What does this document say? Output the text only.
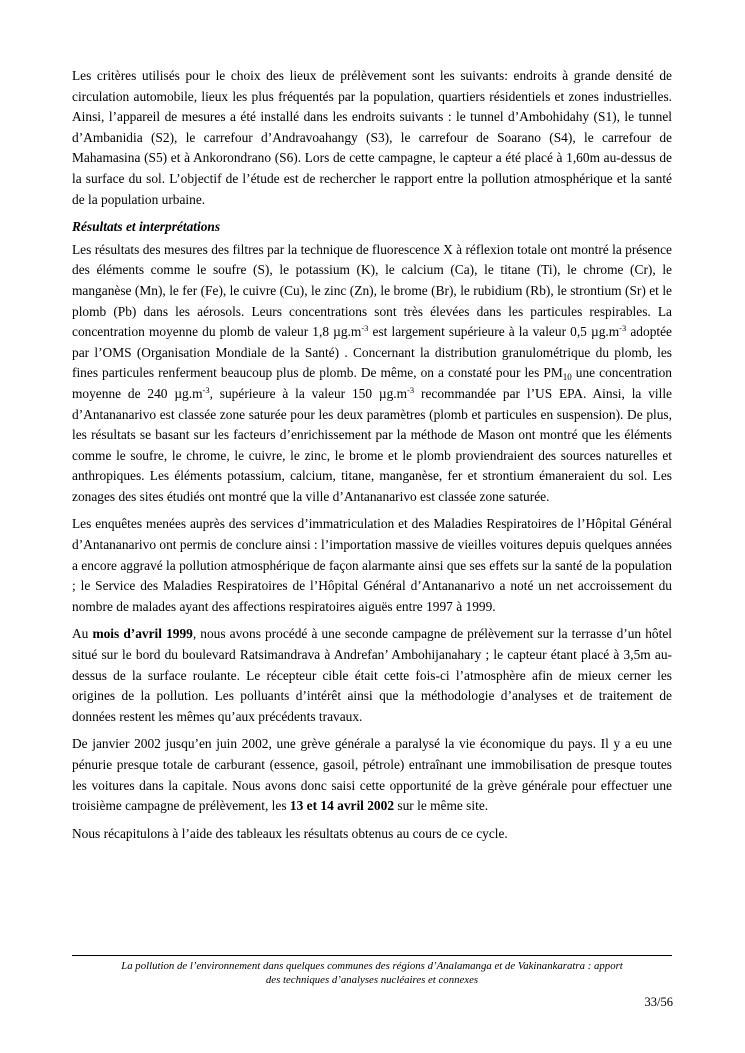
Les critères utilisés pour le choix des lieux de prélèvement sont les suivants: endroits à grande densité de circulation automobile, lieux les plus fréquentés par la population, quartiers résidentiels et zones industrielles. Ainsi, l’appareil de mesures a été installé dans les endroits suivants : le tunnel d’Ambohidahy (S1), le tunnel d’Ambanidia (S2), le carrefour d’Andravoahangy (S3), le carrefour de Soarano (S4), le carrefour de Mahamasina (S5) et à Ankorondrano (S6). Lors de cette campagne, le capteur a été placé à 1,60m au-dessus de la surface du sol. L’objectif de l’étude est de rechercher le rapport entre la pollution atmosphérique et la santé de la population urbaine.

Résultats et interprétations

Les résultats des mesures des filtres par la technique de fluorescence X à réflexion totale ont montré la présence des éléments comme le soufre (S), le potassium (K), le calcium (Ca), le titane (Ti), le chrome (Cr), le manganèse (Mn), le fer (Fe), le cuivre (Cu), le zinc (Zn), le brome (Br), le rubidium (Rb), le strontium (Sr) et le plomb (Pb) dans les aérosols. Leurs concentrations sont très élevées dans les particules respirables. La concentration moyenne du plomb de valeur 1,8 $\mu g.m^{-3}$ est largement supérieure à la valeur 0,5 $\mu g.m^{-3}$ adoptée par l’OMS (Organisation Mondiale de la Santé) . Concernant la distribution granulométrique du plomb, les fines particules renferment beaucoup plus de plomb. De même, on a constaté pour les $PM_{10}$ une concentration moyenne de 240 $\mu g.m^{-3}$, supérieure à la valeur 150 $\mu g.m^{-3}$ recommandée par l’US EPA. Ainsi, la ville d’Antananarivo est classée zone saturée pour les deux paramètres (plomb et particules en suspension). De plus, les résultats se basant sur les facteurs d’enrichissement par la méthode de Mason ont montré que les éléments comme le soufre, le chrome, le cuivre, le zinc, le brome et le plomb proviendraient des sources naturelles et anthropiques. Les éléments potassium, calcium, titane, manganèse, fer et strontium émaneraient du sol. Les zonages des sites étudiés ont montré que la ville d’Antananarivo est classée zone saturée.

Les enquêtes menées auprès des services d’immatriculation et des Maladies Respiratoires de l’Hôpital Général d’Antananarivo ont permis de conclure ainsi : l’importation massive de vieilles voitures depuis quelques années a encore aggravé la pollution atmosphérique de façon alarmante ainsi que ses effets sur la santé de la population ; le Service des Maladies Respiratoires de l’Hôpital Général d’Antananarivo a noté un net accroissement du nombre de malades ayant des affections respiratoires aiguës entre 1997 à 1999.

Au mois d’avril 1999, nous avons procédé à une seconde campagne de prélèvement sur la terrasse d’un hôtel situé sur le bord du boulevard Ratsimandrava à Andrefan’ Ambohijanahary ; le capteur étant placé à 3,5m au-dessus de la surface roulante. Le récepteur cible était cette fois-ci l’atmosphère afin de mieux cerner les origines de la pollution. Les polluants d’intérêt ainsi que la méthodologie d’analyses et de traitement de données restent les mêmes qu’aux précédents travaux.

De janvier 2002 jusqu’en juin 2002, une grève générale a paralysé la vie économique du pays. Il y a eu une pénurie presque totale de carburant (essence, gasoil, pétrole) entraînant une immobilisation de presque toutes les voitures dans la capitale. Nous avons donc saisi cette opportunité de la grève générale pour effectuer une troisième campagne de prélèvement, les 13 et 14 avril 2002 sur le même site.

Nous récapitulons à l’aide des tableaux les résultats obtenus au cours de ce cycle.

La pollution de l’environnement dans quelques communes des régions d’Analamanga et de Vakinankaratra : apport
des techniques d’analyses nucléaires et connexes
33/56
